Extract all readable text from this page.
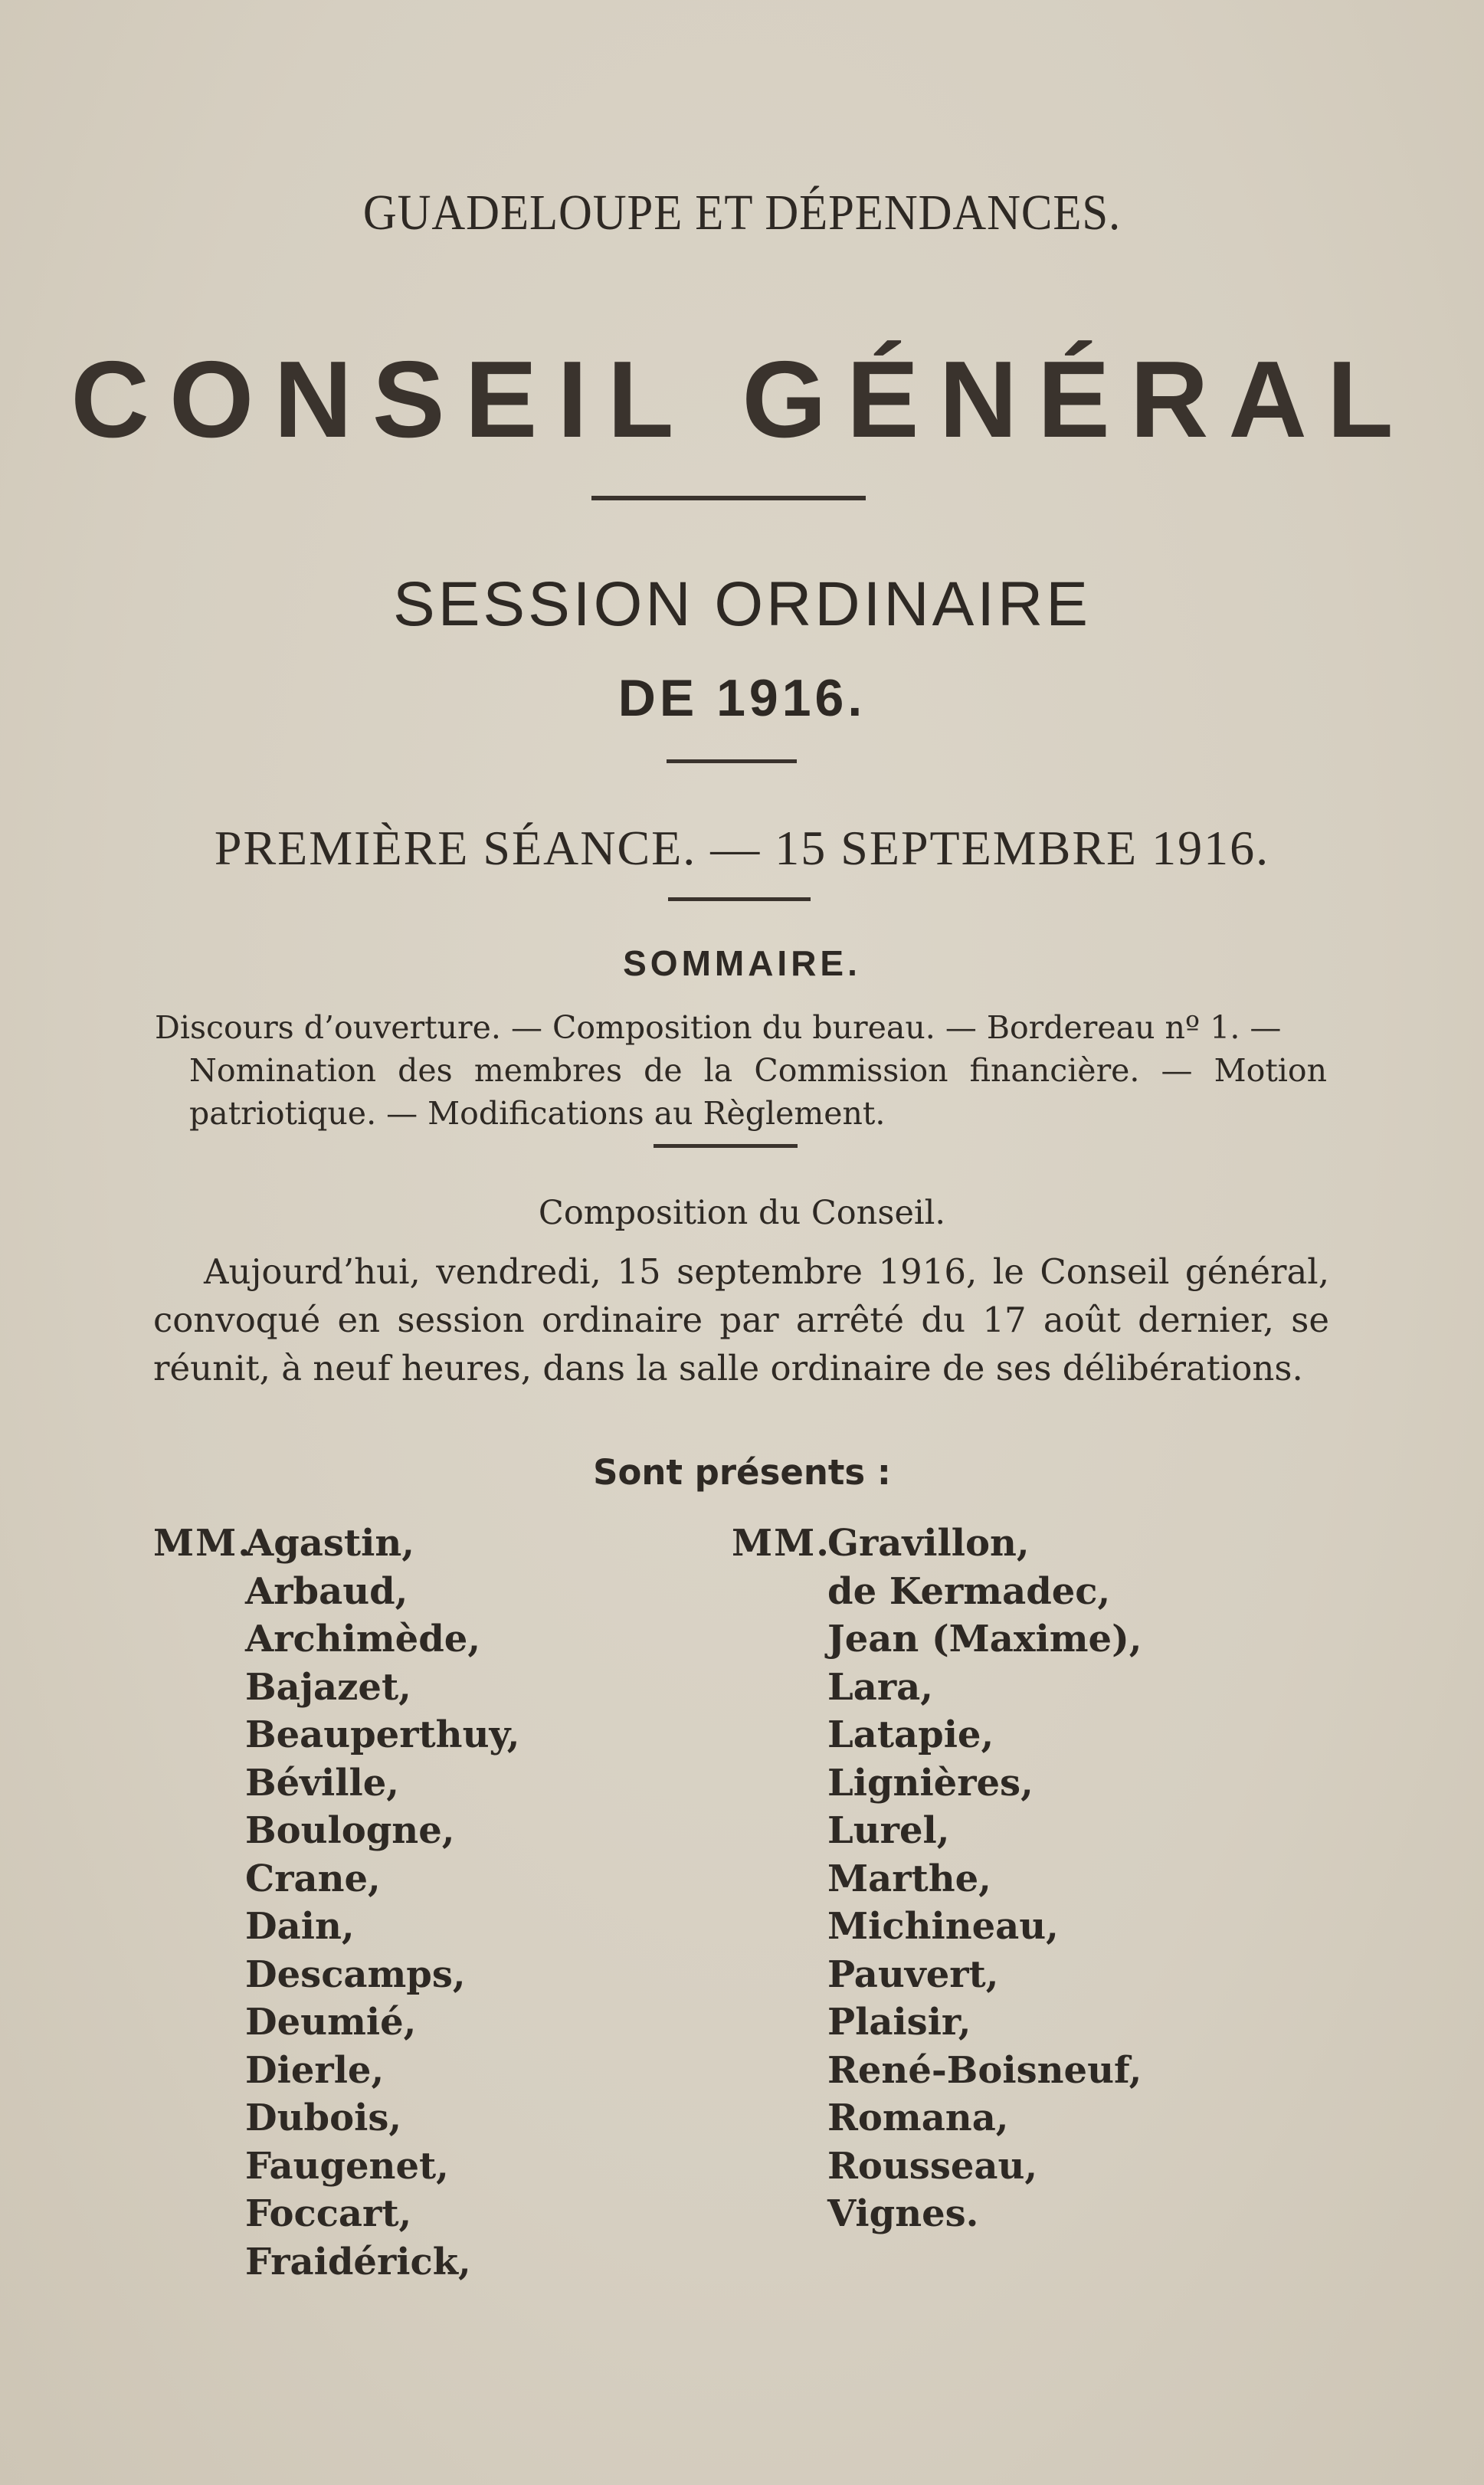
GUADELOUPE ET DÉPENDANCES.
CONSEIL GÉNÉRAL
SESSION ORDINAIRE
DE 1916.
PREMIÈRE SÉANCE. — 15 SEPTEMBRE 1916.
SOMMAIRE.
Discours d’ouverture. — Composition du bureau. — Bordereau nº 1. —
Nomination des membres de la Commission financière. — Motion patriotique. — Modifications au Règlement.
Composition du Conseil.
Aujourd’hui, vendredi, 15 septembre 1916, le Conseil général, convoqué en session ordinaire par arrêté du 17 août dernier, se réunit, à neuf heures, dans la salle ordinaire de ses délibérations.
Sont présents :
MM.
Agastin,
Arbaud,
Archimède,
Bajazet,
Beauperthuy,
Béville,
Boulogne,
Crane,
Dain,
Descamps,
Deumié,
Dierle,
Dubois,
Faugenet,
Foccart,
Fraidérick,
MM.
Gravillon,
de Kermadec,
Jean (Maxime),
Lara,
Latapie,
Lignières,
Lurel,
Marthe,
Michineau,
Pauvert,
Plaisir,
René-Boisneuf,
Romana,
Rousseau,
Vignes.
